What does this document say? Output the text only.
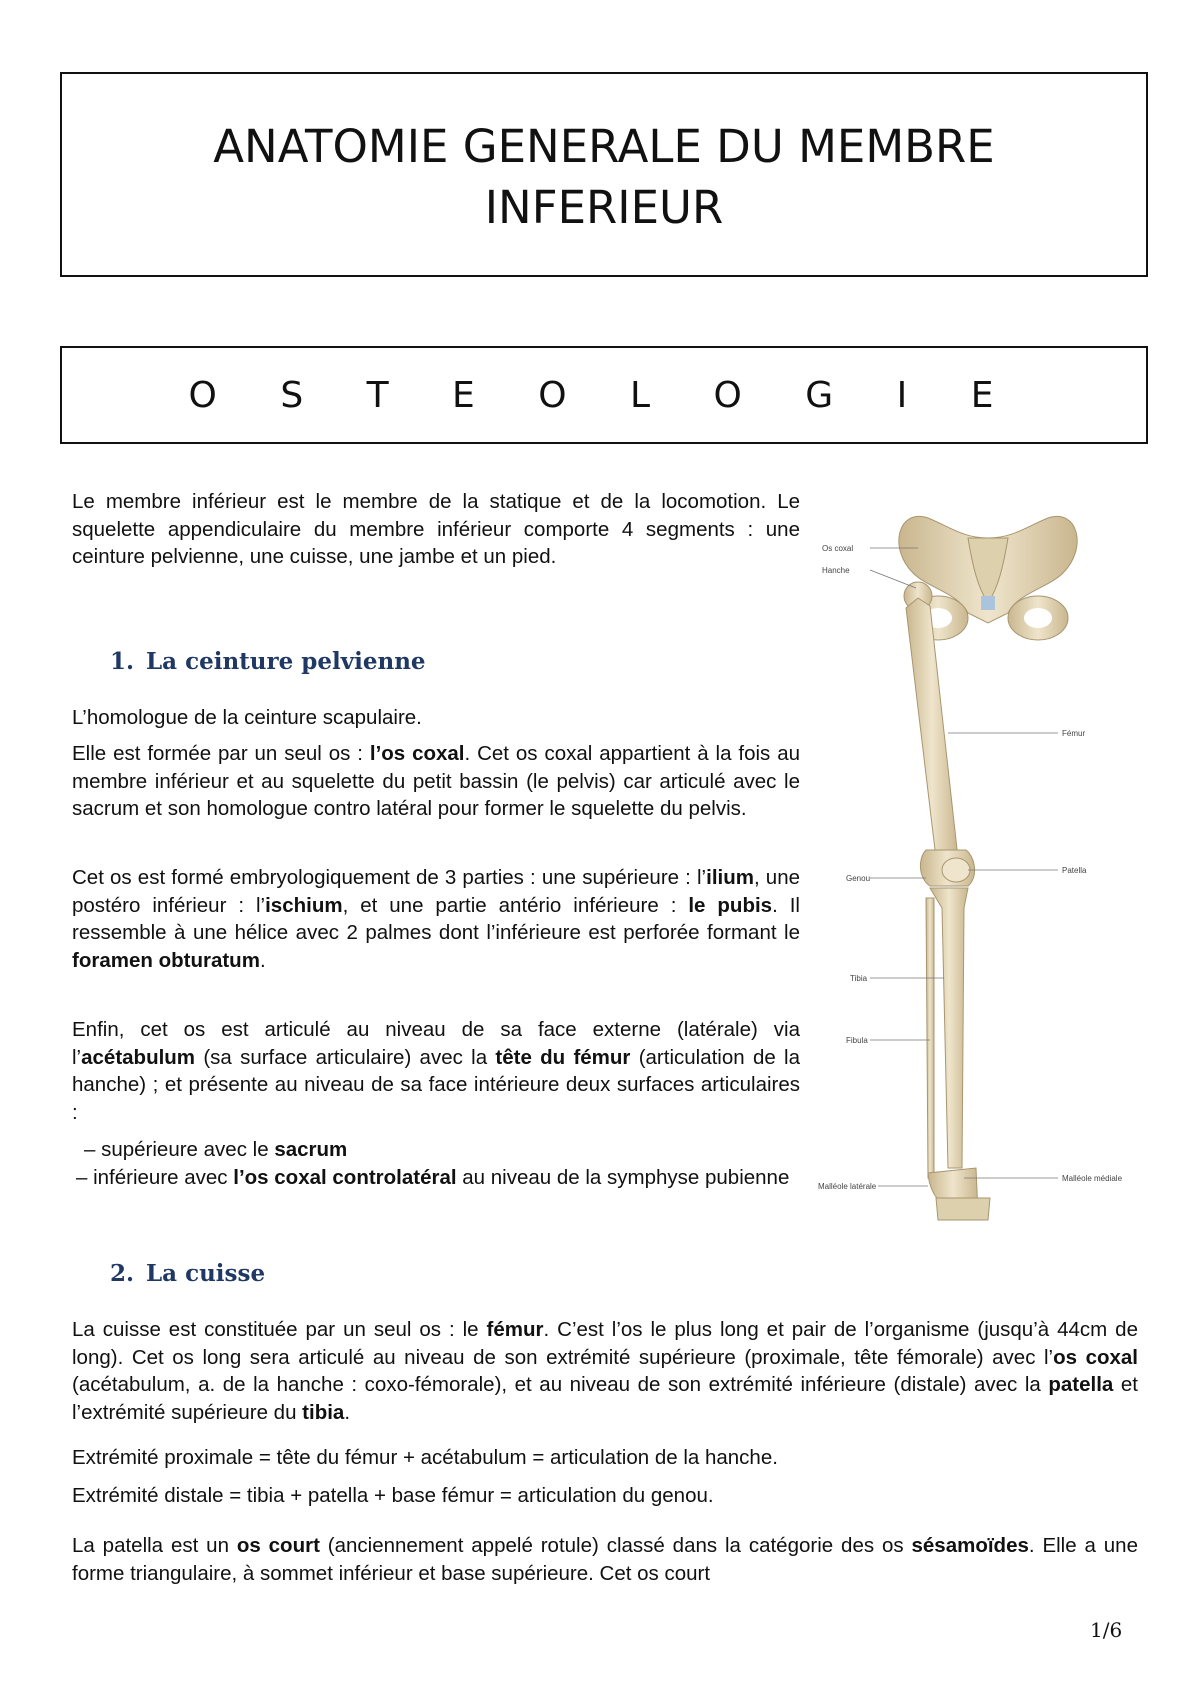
ANATOMIE GENERALE DU MEMBRE
INFERIEUR
O S T E O L O G I E

Le membre inférieur est le membre de la statique et de la locomotion. Le squelette appendiculaire du membre inférieur comporte 4 segments : une ceinture pelvienne, une cuisse, une jambe et un pied.

1. La ceinture pelvienne

L’homologue de la ceinture scapulaire.

Elle est formée par un seul os : l’os coxal. Cet os coxal appartient à la fois au membre inférieur et au squelette du petit bassin (le pelvis) car articulé avec le sacrum et son homologue contro latéral pour former le squelette du pelvis.

Cet os est formé embryologiquement de 3 parties : une supérieure : l’ilium, une postéro inférieur : l’ischium, et une partie antério inférieure : le pubis. Il ressemble à une hélice avec 2 palmes dont l’inférieure est perforée formant le foramen obturatum.

Enfin, cet os est articulé au niveau de sa face externe (latérale) via l’acétabulum (sa surface articulaire) avec la tête du fémur (articulation de la hanche) ; et présente au niveau de sa face intérieure deux surfaces articulaires :

– supérieure avec le sacrum
– inférieure avec l’os coxal controlatéral au niveau de la symphyse pubienne
2. La cuisse

La cuisse est constituée par un seul os : le fémur. C’est l’os le plus long et pair de l’organisme (jusqu’à 44cm de long). Cet os long sera articulé au niveau de son extrémité supérieure (proximale, tête fémorale) avec l’os coxal (acétabulum, a. de la hanche : coxo-fémorale), et au niveau de son extrémité inférieure (distale) avec la patella et l’extrémité supérieure du tibia.

Extrémité proximale = tête du fémur + acétabulum = articulation de la hanche.

Extrémité distale = tibia + patella + base fémur = articulation du genou.

La patella est un os court (anciennement appelé rotule) classé dans la catégorie des os sésamoïdes. Elle a une forme triangulaire, à sommet inférieur et base supérieure. Cet os court

Os coxal
Hanche
Fémur
Patella
Genou
Tibia
Fibula
Malléole latérale
Malléole médiale
1/6
